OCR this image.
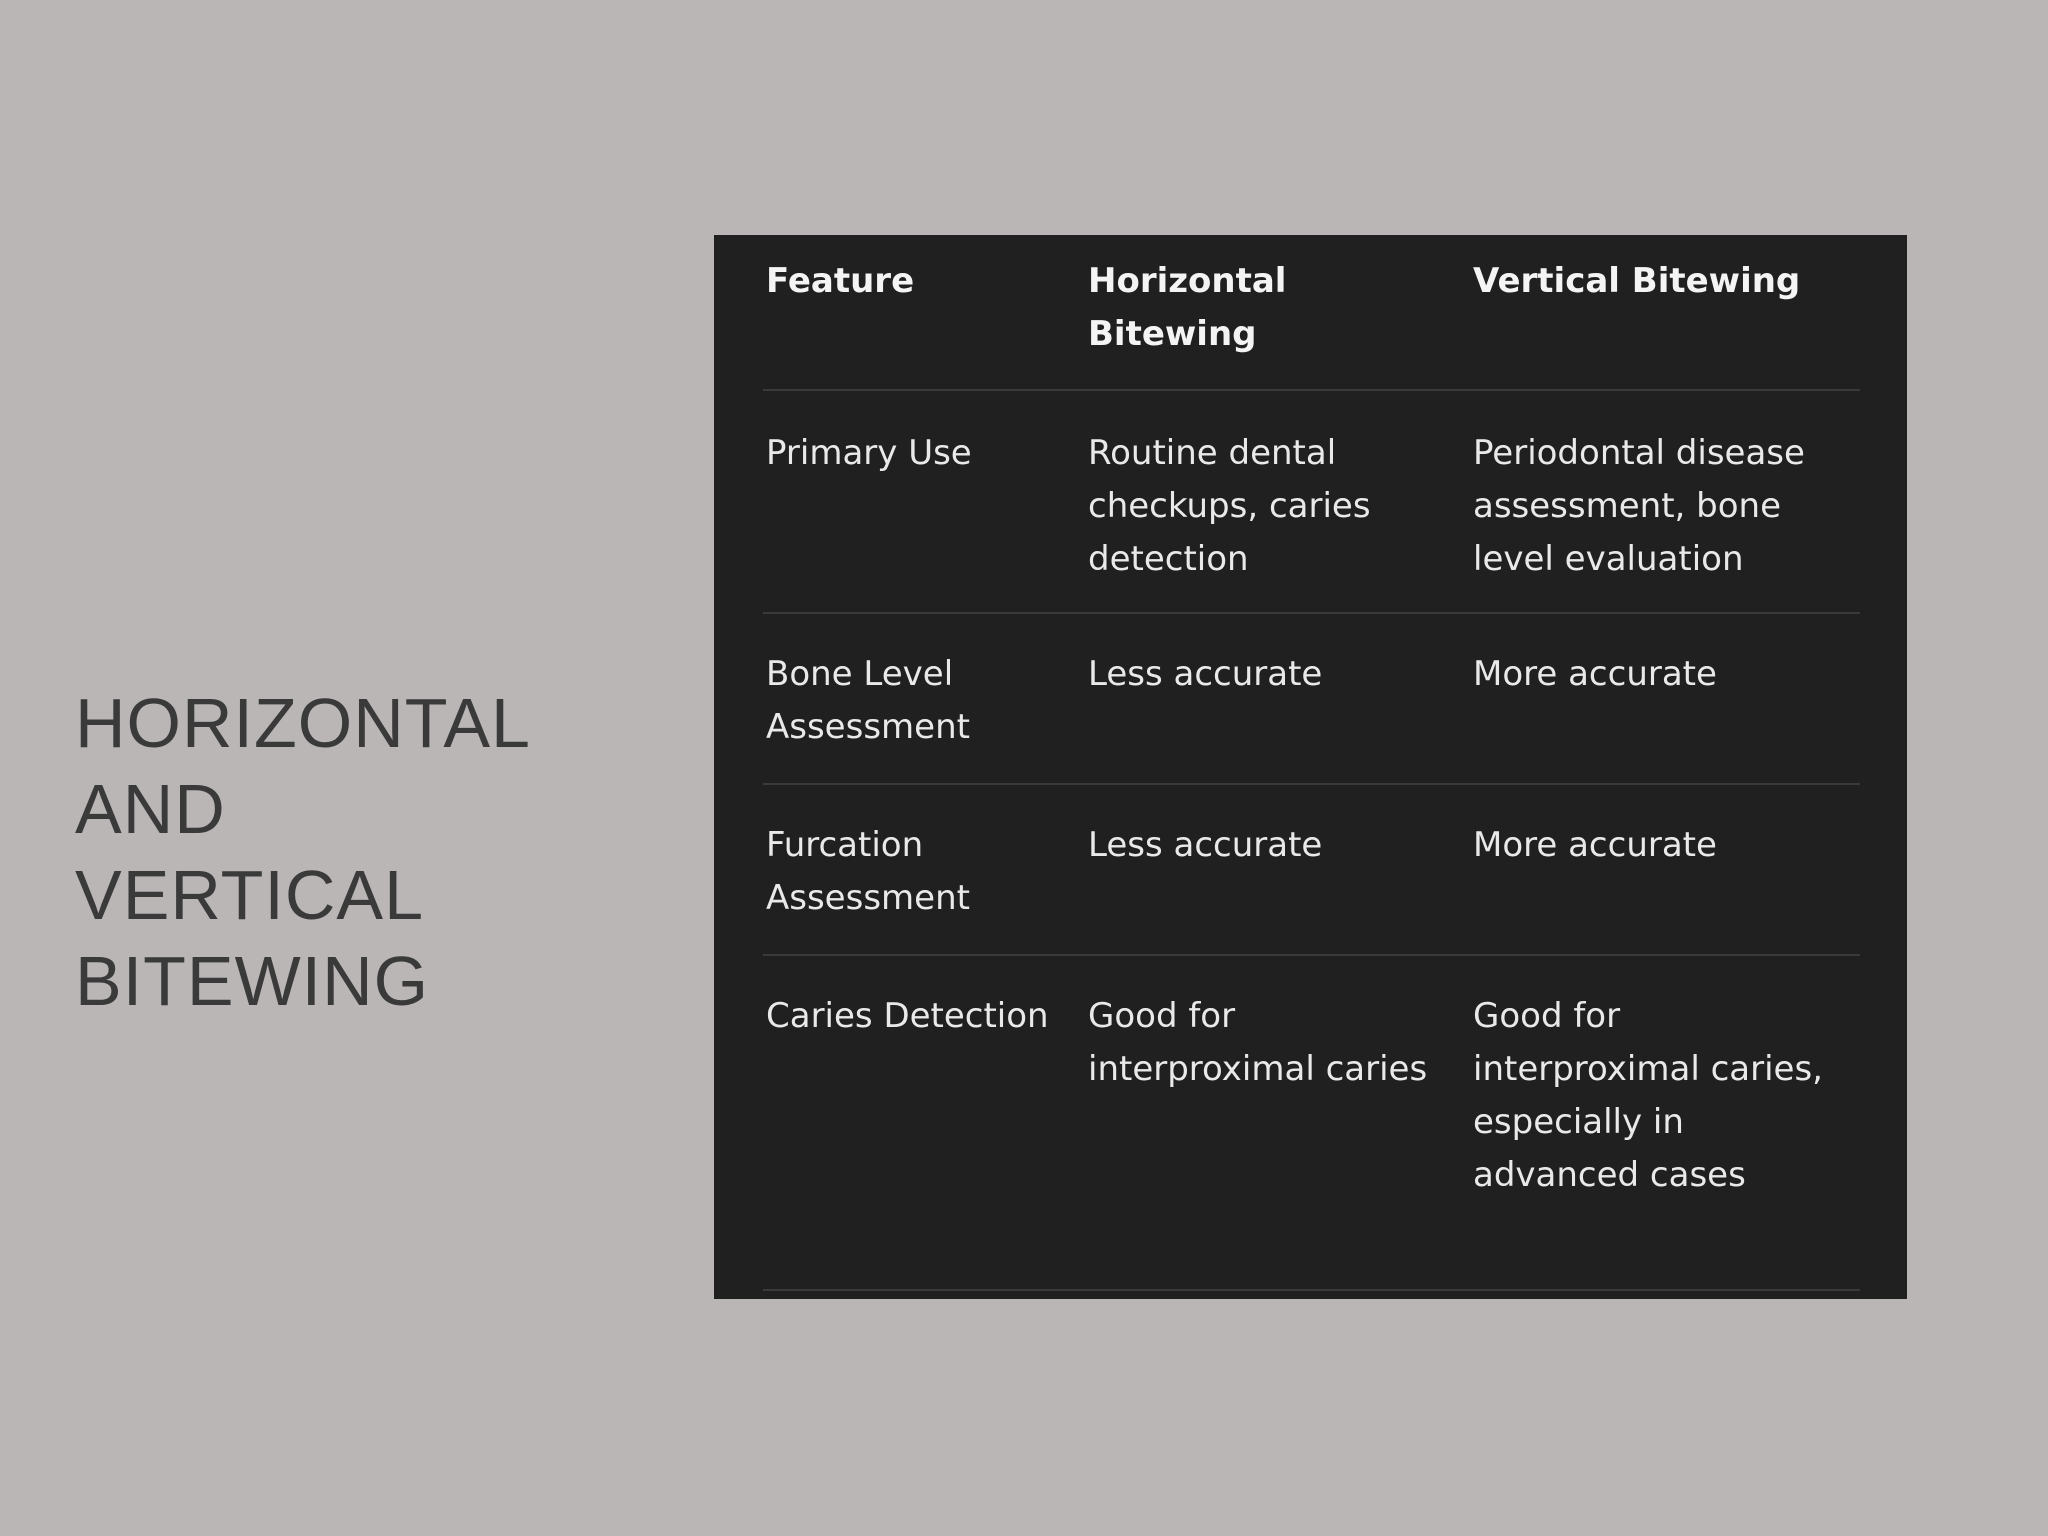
HORIZONTAL AND
VERTICAL
BITEWING
Feature	Horizontal Bitewing	Vertical Bitewing
Primary Use	Routine dental checkups, caries detection	Periodontal disease assessment, bone level evaluation
Bone Level Assessment	Less accurate	More accurate
Furcation Assessment	Less accurate	More accurate
Caries Detection	Good for interproximal caries	Good for interproximal caries, especially in advanced cases
